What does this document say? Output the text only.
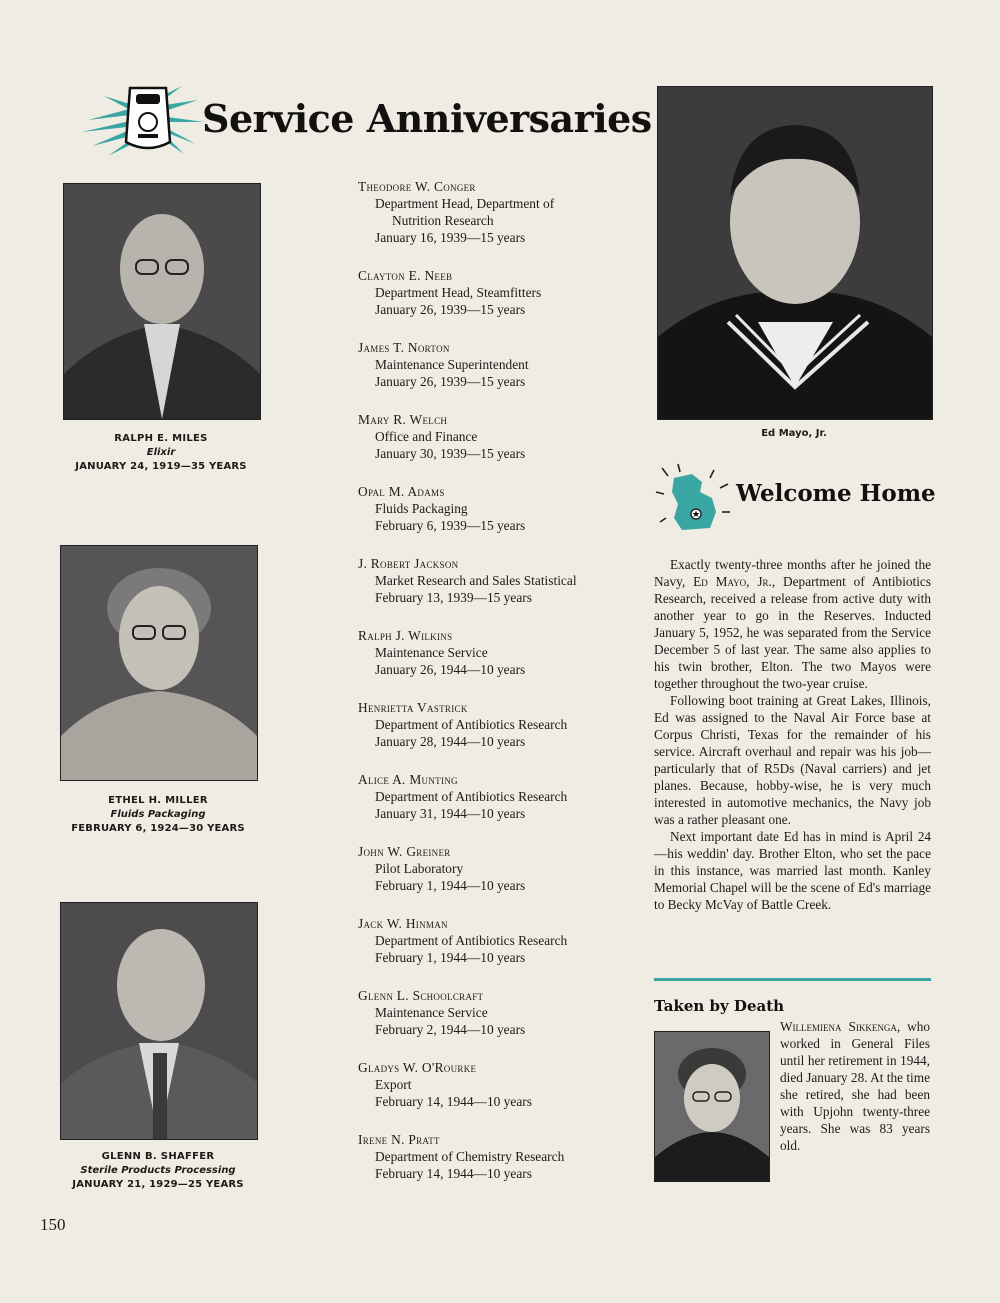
Service Anniversaries
RALPH E. MILES
Elixir
JANUARY 24, 1919—35 YEARS
ETHEL H. MILLER
Fluids Packaging
FEBRUARY 6, 1924—30 YEARS
GLENN B. SHAFFER
Sterile Products Processing
JANUARY 21, 1929—25 YEARS
Theodore W. Conger
Department Head, Department of
Nutrition Research
January 16, 1939—15 years
Clayton E. Neeb
Department Head, Steamfitters
January 26, 1939—15 years
James T. Norton
Maintenance Superintendent
January 26, 1939—15 years
Mary R. Welch
Office and Finance
January 30, 1939—15 years
Opal M. Adams
Fluids Packaging
February 6, 1939—15 years
J. Robert Jackson
Market Research and Sales Statistical
February 13, 1939—15 years
Ralph J. Wilkins
Maintenance Service
January 26, 1944—10 years
Henrietta Vastrick
Department of Antibiotics Research
January 28, 1944—10 years
Alice A. Munting
Department of Antibiotics Research
January 31, 1944—10 years
John W. Greiner
Pilot Laboratory
February 1, 1944—10 years
Jack W. Hinman
Department of Antibiotics Research
February 1, 1944—10 years
Glenn L. Schoolcraft
Maintenance Service
February 2, 1944—10 years
Gladys W. O'Rourke
Export
February 14, 1944—10 years
Irene N. Pratt
Department of Chemistry Research
February 14, 1944—10 years
Ed Mayo, Jr.
Welcome Home

Exactly twenty-three months after he joined the Navy, Ed Mayo, Jr., Department of Antibiotics Research, received a release from active duty with another year to go in the Reserves. Inducted January 5, 1952, he was separated from the Service December 5 of last year. The same also applies to his twin brother, Elton. The two Mayos were together throughout the two-year cruise.

Following boot training at Great Lakes, Illinois, Ed was assigned to the Naval Air Force base at Corpus Christi, Texas for the remainder of his service. Aircraft overhaul and repair was his job—particularly that of R5Ds (Naval carriers) and jet planes. Because, hobby-wise, he is very much interested in automotive mechanics, the Navy job was a rather pleasant one.

Next important date Ed has in mind is April 24—his weddin' day. Brother Elton, who set the pace in this instance, was married last month. Kanley Memorial Chapel will be the scene of Ed's marriage to Becky McVay of Battle Creek.

Taken by Death
Willemiena Sikkenga, who worked in General Files until her retirement in 1944, died January 28. At the time she retired, she had been with Upjohn twenty-three years. She was 83 years old.
150
